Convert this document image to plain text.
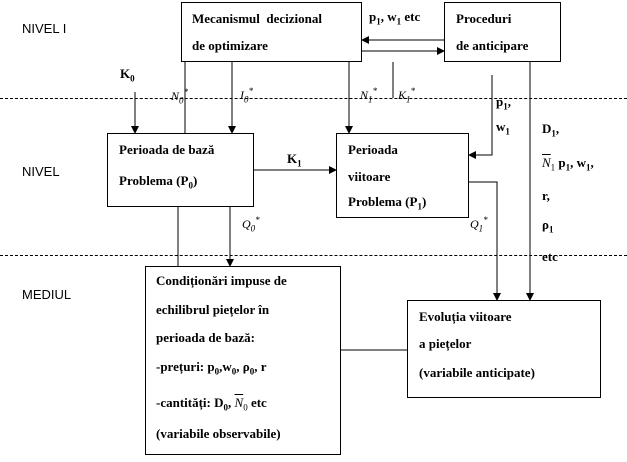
NIVEL I
NIVEL
MEDIUL
Mecanismul  decizional
de optimizare
Proceduri
de anticipare
$p_1$, $w_1$ etc
$K_0$
$N_0^*$	$I_0^*$	$N_1^*$ $K_1^*$
$p_1$,
$w_1$ $D_1$,
$\overline{N}_1$ $p_1$, $w_1$,
r,
$\rho_1$
etc
Perioada de bază
Problema $(P_0)$
$K_1$
Perioada
viitoare
Problema $(P_1)$
$Q_0^*$	$Q_1^*$
Condiționări impuse de
echilibrul piețelor în
perioada de bază:
-prețuri: $p_0,w_0$, $\rho_0$, r
-cantități: $D_0$, $\overline{N}_0$ etc
(variabile observabile)
Evoluția viitoare
a piețelor
(variabile anticipate)
